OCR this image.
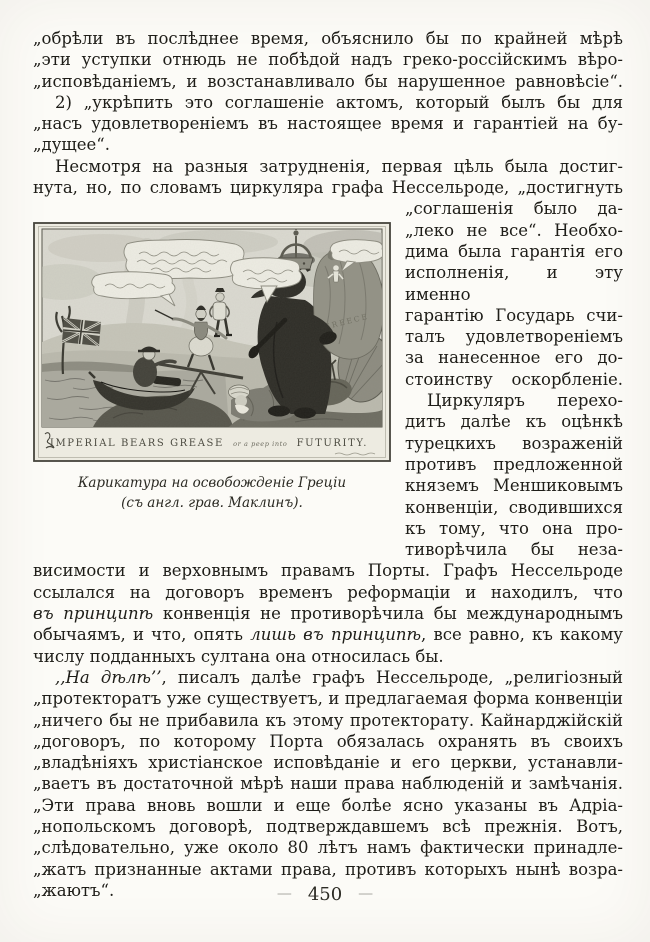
„обрѣли въ послѣднее время, объяснило бы по крайней мѣрѣ
„эти уступки отнюдь не побѣдой надъ греко-россійскимъ вѣро-
„исповѣданіемъ, и возстанавливало бы нарушенное равновѣсіе“.
2) „укрѣпить это соглашеніе актомъ, который былъ бы для
„насъ удовлетвореніемъ въ настоящее время и гарантіей на бу-
„дущее“.
Несмотря на разныя затрудненія, первая цѣль была достиг-
нута, но, по словамъ циркуляра графа Нессельроде, „достигнуть
IMPERIAL BEARS GREASE or a peep into FUTURITY.
Карикатура на освобожденіе Греціи
(съ англ. грав. Маклинъ).
„соглашенія было да-
„леко не все“. Необхо-
дима была гарантія его
исполненія, и эту именно
гарантію Государь счи-
талъ удовлетвореніемъ
за нанесенное его до-
стоинству оскорбленіе.
Циркуляръ перехо-
дитъ далѣе къ оцѣнкѣ
турецкихъ возраженій
противъ предложенной
княземъ Меншиковымъ
конвенціи, сводившихся
къ тому, что она про-
тиворѣчила бы неза-
висимости и верховнымъ правамъ Порты. Графъ Нессельроде
ссылался на договоръ временъ реформаціи и находилъ, что
въ принципѣ конвенція не противорѣчила бы международнымъ
обычаямъ, и что, опять лишь въ принципѣ, все равно, къ какому
числу подданныхъ султана она относилась бы.
,,На дѣлѣ’’, писалъ далѣе графъ Нессельроде, „религіозный
„протекторатъ уже существуетъ, и предлагаемая форма конвенціи
„ничего бы не прибавила къ этому протекторату. Кайнарджійскій
„договоръ, по которому Порта обязалась охранять въ своихъ
„владѣніяхъ христіанское исповѣданіе и его церкви, устанавли-
„ваетъ въ достаточной мѣрѣ наши права наблюденій и замѣчанія.
„Эти права вновь вошли и еще болѣе ясно указаны въ Адріа-
„нопольскомъ договорѣ, подтверждавшемъ всѣ прежнія. Вотъ,
„слѣдовательно, уже около 80 лѣтъ намъ фактически принадле-
„жатъ признанные актами права, противъ которыхъ нынѣ возра-
„жаютъ“.	— 450 —
